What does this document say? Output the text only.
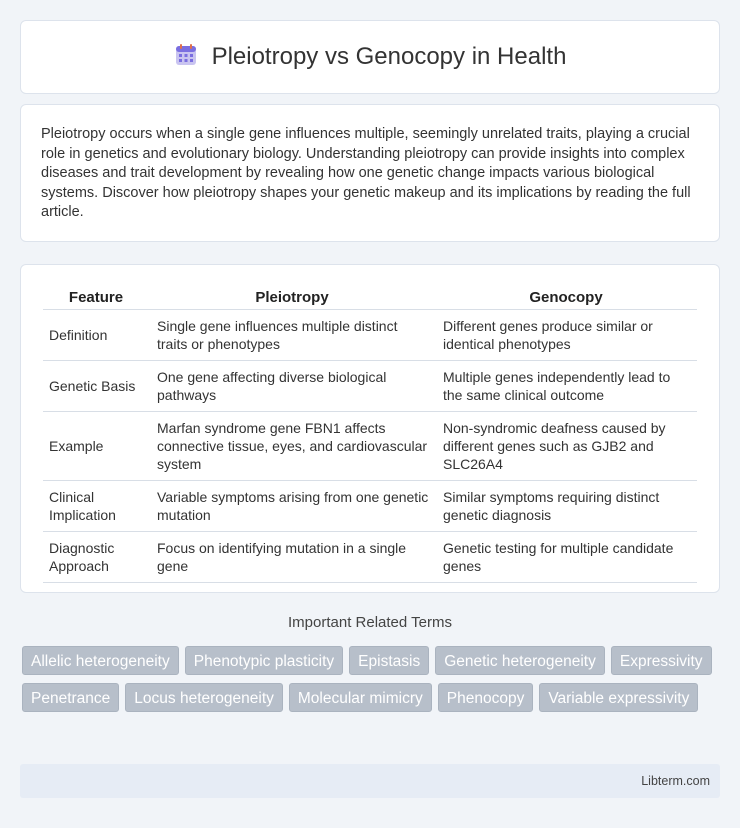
Pleiotropy vs Genocopy in Health

Pleiotropy occurs when a single gene influences multiple, seemingly unrelated traits, playing a crucial role in genetics and evolutionary biology. Understanding pleiotropy can provide insights into complex diseases and trait development by revealing how one genetic change impacts various biological systems. Discover how pleiotropy shapes your genetic makeup and its implications by reading the full article.

Feature	Pleiotropy	Genocopy
Definition	Single gene influences multiple distinct traits or phenotypes	Different genes produce similar or identical phenotypes
Genetic Basis	One gene affecting diverse biological pathways	Multiple genes independently lead to the same clinical outcome
Example	Marfan syndrome gene FBN1 affects connective tissue, eyes, and cardiovascular system	Non-syndromic deafness caused by different genes such as GJB2 and SLC26A4
Clinical Implication	Variable symptoms arising from one genetic mutation	Similar symptoms requiring distinct genetic diagnosis
Diagnostic Approach	Focus on identifying mutation in a single gene	Genetic testing for multiple candidate genes
Important Related Terms
Allelic heterogeneity	Phenotypic plasticity	Epistasis	Genetic heterogeneity	Expressivity
Penetrance	Locus heterogeneity	Molecular mimicry	Phenocopy	Variable expressivity
Libterm.com
